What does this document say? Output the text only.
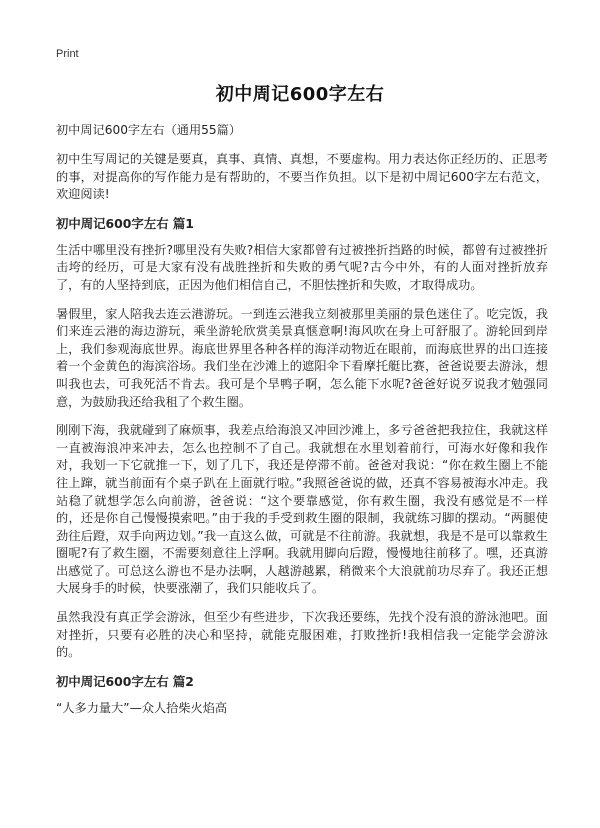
Print
初中周记600字左右

初中周记600字左右（通用55篇）

初中生写周记的关键是要真，真事、真情、真想，不要虚构。用力表达你正经历的、正思考的事，对提高你的写作能力是有帮助的，不要当作负担。以下是初中周记600字左右范文，欢迎阅读!

初中周记600字左右 篇1

生活中哪里没有挫折?哪里没有失败?相信大家都曾有过被挫折挡路的时候，都曾有过被挫折击垮的经历，可是大家有没有战胜挫折和失败的勇气呢?古今中外，有的人面对挫折放弃了，有的人坚持到底，正因为他们相信自己，不胆怯挫折和失败，才取得成功。

暑假里，家人陪我去连云港游玩。一到连云港我立刻被那里美丽的景色迷住了。吃完饭，我们来连云港的海边游玩，乘坐游轮欣赏美景真惬意啊!海风吹在身上可舒服了。游轮回到岸上，我们参观海底世界。海底世界里各种各样的海洋动物近在眼前，而海底世界的出口连接着一个金黄色的海滨浴场。我们坐在沙滩上的遮阳伞下看摩托艇比赛，爸爸说要去游泳，想叫我也去，可我死活不肯去。我可是个旱鸭子啊，怎么能下水呢?爸爸好说歹说我才勉强同意，为鼓励我还给我租了个救生圈。

刚刚下海，我就碰到了麻烦事，我差点给海浪又冲回沙滩上，多亏爸爸把我拉住，我就这样一直被海浪冲来冲去，怎么也控制不了自己。我就想在水里划着前行，可海水好像和我作对，我划一下它就推一下，划了几下，我还是停滞不前。爸爸对我说：“你在救生圈上不能往上蹿，就当前面有个桌子趴在上面就行啦。”我照爸爸说的做，还真不容易被海水冲走。我站稳了就想学怎么向前游，爸爸说：“这个要靠感觉，你有救生圈，我没有感觉是不一样的，还是你自己慢慢摸索吧。”由于我的手受到救生圈的限制，我就练习脚的摆动。“两腿使劲往后蹬，双手向两边划。”我一直这么做，可就是不往前游。我就想，我是不是可以靠救生圈呢?有了救生圈，不需要刻意往上浮啊。我就用脚向后蹬，慢慢地往前移了。嘿，还真游出感觉了。可总这么游也不是办法啊，人越游越累，稍微来个大浪就前功尽弃了。我还正想大展身手的时候，快要涨潮了，我们只能收兵了。

虽然我没有真正学会游泳，但至少有些进步，下次我还要练，先找个没有浪的游泳池吧。面对挫折，只要有必胜的决心和坚持，就能克服困难，打败挫折!我相信我一定能学会游泳的。

初中周记600字左右 篇2

“人多力量大”—众人拾柴火焰高
